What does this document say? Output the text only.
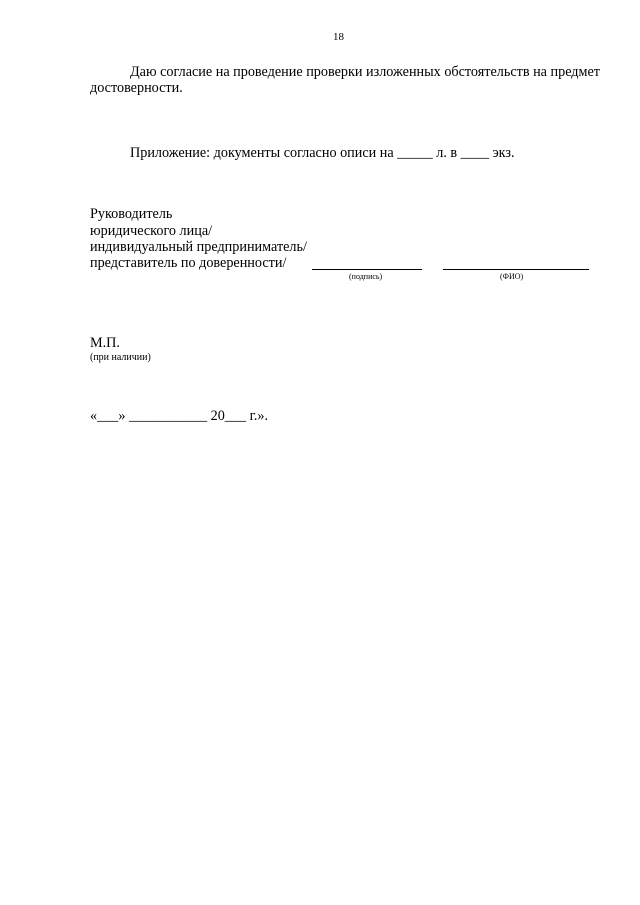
18
Даю согласие на проведение проверки изложенных обстоятельств на предмет
достоверности.
Приложение: документы согласно описи на _____ л. в ____ экз.
Руководитель
юридического лица/
индивидуальный предприниматель/
представитель по доверенности/
(подпись)	(ФИО)
М.П.
(при наличии)
«___» ___________ 20___ г.».
